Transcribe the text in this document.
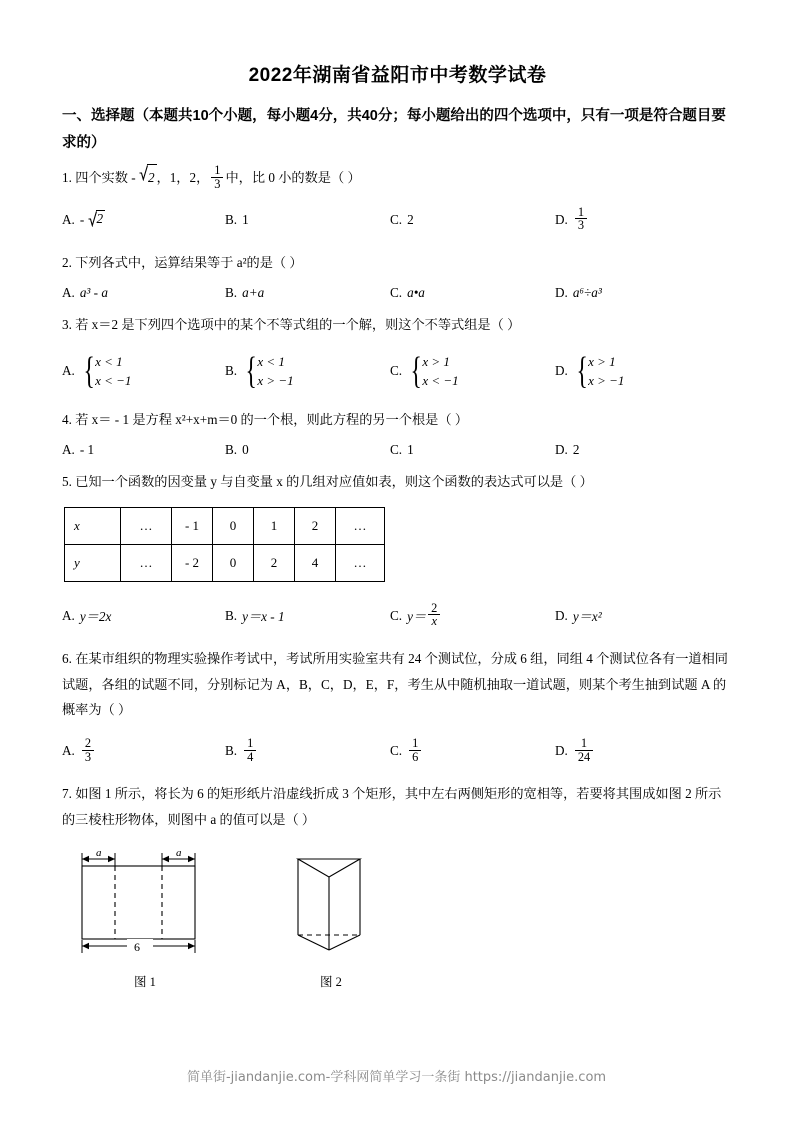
2022年湖南省益阳市中考数学试卷
一、选择题（本题共10个小题，每小题4分，共40分；每小题给出的四个选项中，只有一项是符合题目要求的）
1. 四个实数 - 2 ，1，2， $\frac{1}{3}$ 中，比 0 小的数是（ ）
A. -
2	B. 1	C. 2	D. $\frac{1}{3}$
2. 下列各式中，运算结果等于 a²的是（ ）
A. a³ - a	B. a+a	C. a•a	D. a⁶÷a³
3. 若 x＝2 是下列四个选项中的某个不等式组的一个解，则这个不等式组是（ ）
A. { x < 1
x < −1
B. { x < 1
x > −1
C. { x > 1
x < −1
D. { x > 1
x > −1
4. 若 x＝ - 1 是方程 x²+x+m＝0 的一个根，则此方程的另一个根是（ ）
A. - 1	B. 0	C. 1	D. 2
5. 已知一个函数的因变量 y 与自变量 x 的几组对应值如表，则这个函数的表达式可以是（ ）
x	…	- 1	0	1	2	…
y	…	- 2	0	2	4	…
A. y＝2x	B. y＝x - 1	C. $y= \frac{2}{x}$	D. y＝x²
6. 在某市组织的物理实验操作考试中，考试所用实验室共有 24 个测试位，分成 6 组，同组 4 个测试位各有一道相同试题，各组的试题不同，分别标记为 A，B，C，D，E，F，考生从中随机抽取一道试题，则某个考生抽到试题 A 的概率为（ ）
A. $\frac{2}{3}$	B. $\frac{1}{4}$	C. $\frac{1}{6}$	D. $\frac{1}{24}$
7. 如图 1 所示，将长为 6 的矩形纸片沿虚线折成 3 个矩形，其中左右两侧矩形的宽相等，若要将其围成如图 2 所示的三棱柱形物体，则图中 a 的值可以是（ ）
a	a
6
图 1	图 2
简单街-jiandanjie.com-学科网简单学习一条街 https://jiandanjie.com
